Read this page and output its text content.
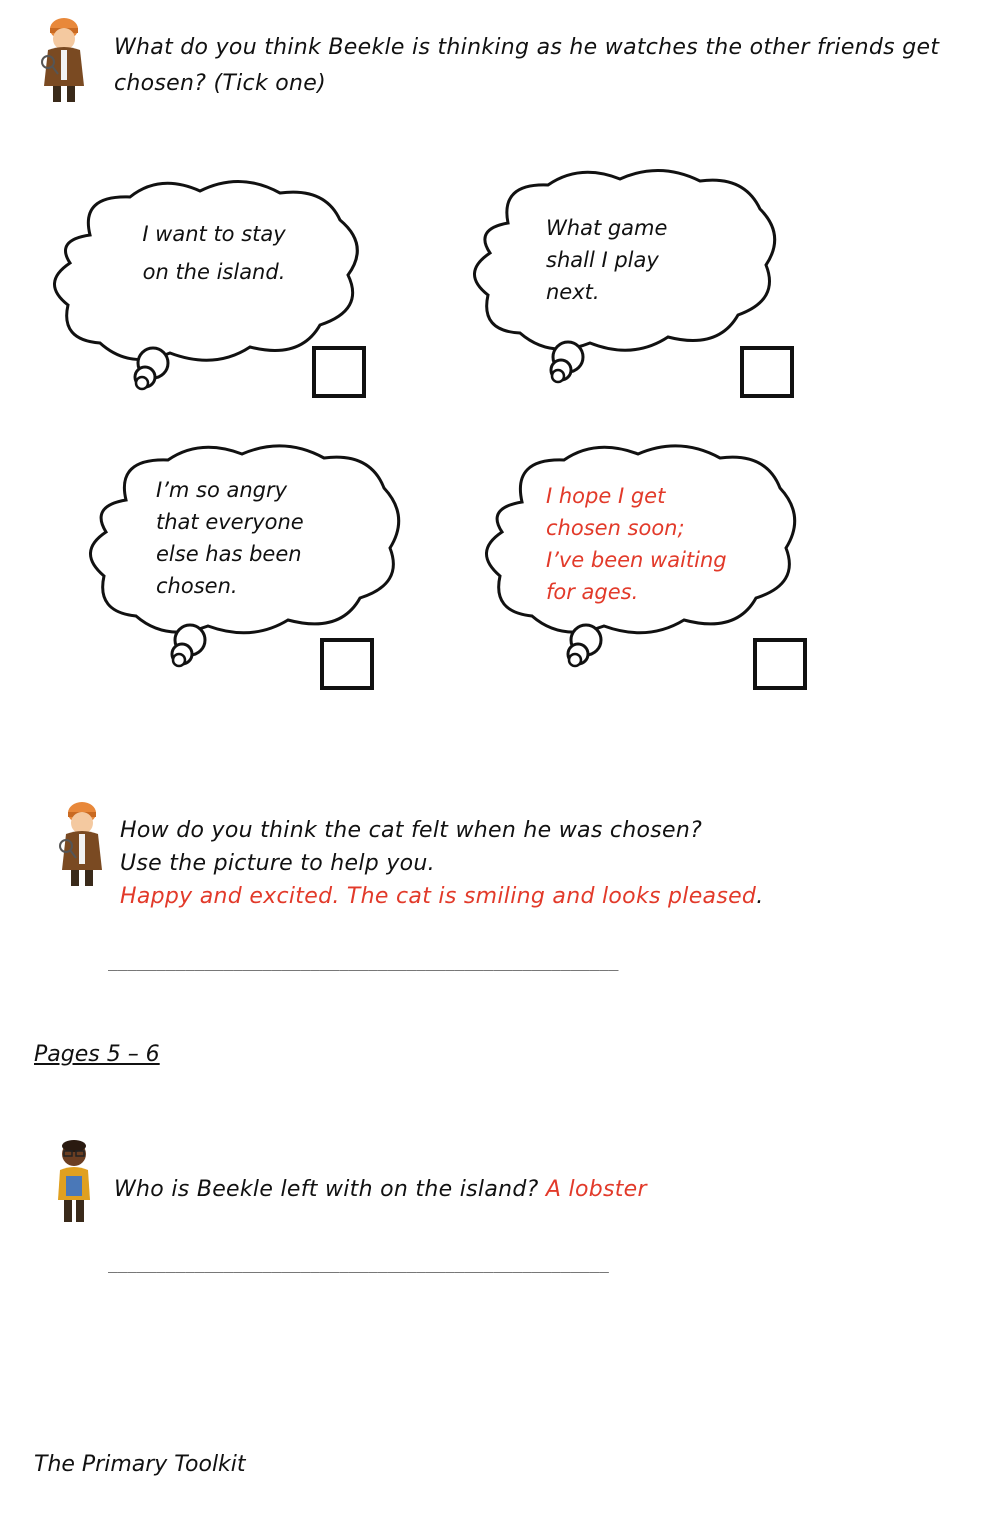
What do you think Beekle is thinking as he watches the other friends get
chosen? (Tick one)
I want to stay
on the island.
What game
shall I play
next.
I’m so angry
that everyone
else has been
chosen.
I hope I get
chosen soon;
I’ve been waiting
for ages.
How do you think the cat felt when he was chosen?
Use the picture to help you.
Happy and excited. The cat is smiling and looks pleased.
_____________________________________________________
Pages 5 – 6
Who is Beekle left with on the island? A lobster
____________________________________________________
The Primary Toolkit
